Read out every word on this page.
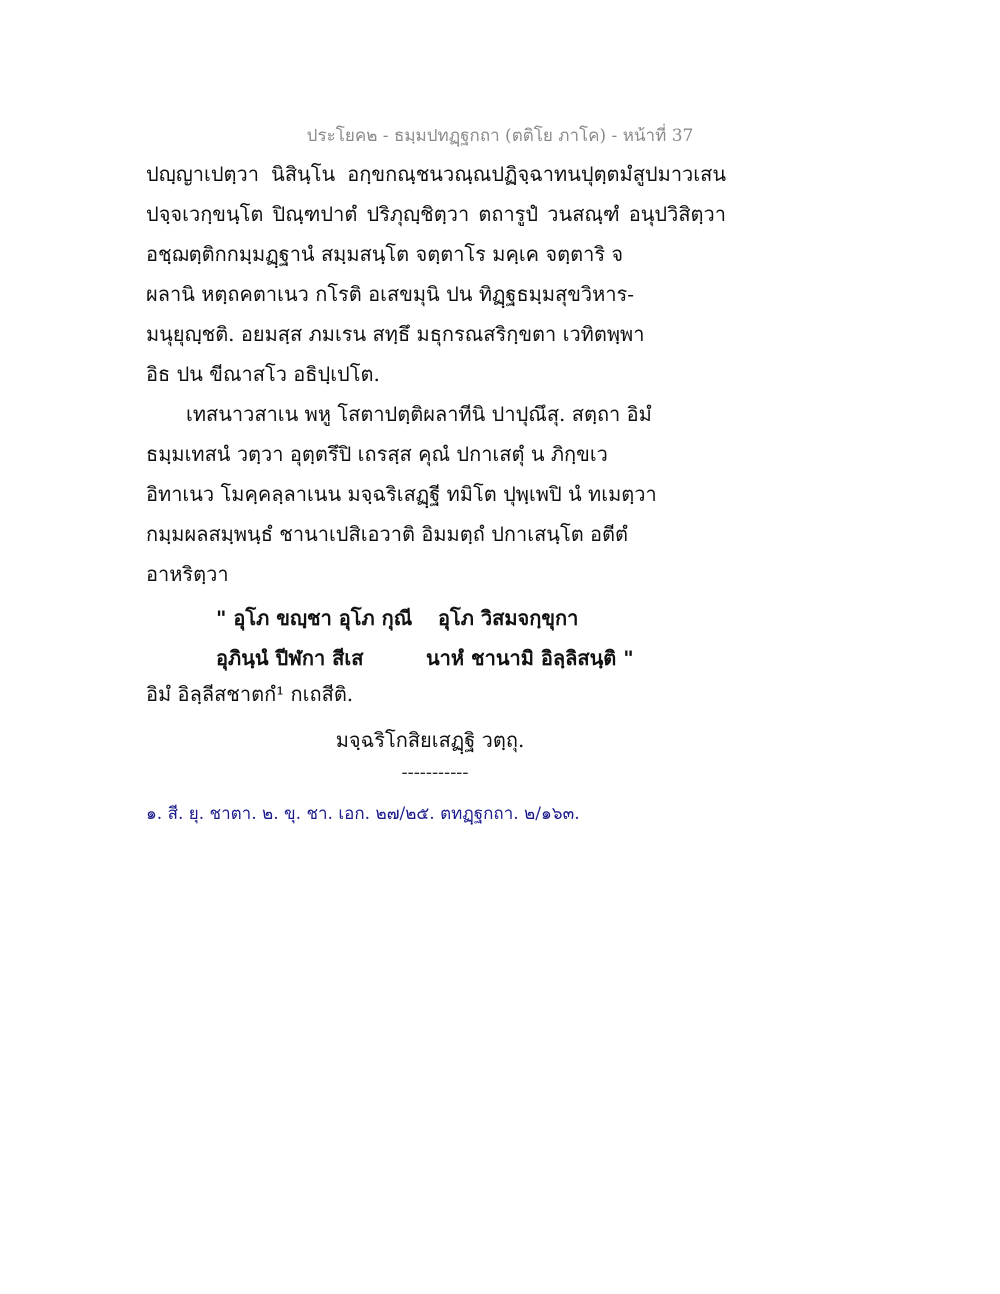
ประโยค๒ - ธมฺมปทฏฺฐกถา (ตติโย ภาโค) - หน้าที่ 37
ปญฺญาเปตฺวา นิสินฺโน อกฺขกณฺชนวณฺณปฏิจฺฉาทนปุตฺตมํสูปมาวเสน
ปจฺจเวกฺขนฺโต ปิณฺฑปาตํ ปริภุญฺชิตฺวา ตถารูปํ วนสณฺฑํ อนุปวิสิตฺวา
อชฺฌตฺติกกมฺมฏฺฐานํ สมฺมสนฺโต จตฺตาโร มคฺเค จตฺตาริ จ
ผลานิ หตฺถคตาเนว กโรติ อเสขมุนิ ปน ทิฏฺฐธมฺมสุขวิหาร-
มนุยุญฺชติ. อยมสฺส ภมเรน สทฺธึ มธุกรณสริกฺขตา เวทิตพฺพา
อิธ ปน ขีณาสโว อธิปฺเปโต.
เทสนาวสาเน พหู โสตาปตฺติผลาทีนิ ปาปุณึสุ. สตฺถา อิมํ
ธมฺมเทสนํ วตฺวา อุตฺตรึปิ เถรสฺส คุณํ ปกาเสตุํ น ภิกฺขเว
อิทาเนว โมคฺคลฺลาเนน มจฺฉริเสฏฺฐี ทมิโต ปุพฺเพปิ นํ ทเมตฺวา
กมฺมผลสมฺพนฺธํ ชานาเปสิเอวาติ อิมมตฺถํ ปกาเสนฺโต อตีตํ
อาหริตฺวา
" อุโภ ขญฺชา อุโภ กุณี อุโภ วิสมจกฺขุกา
อุภินฺนํ ปีฬกา สีเส	นาหํ ชานามิ อิลฺลิสนฺติ "
อิมํ อิลฺลีสชาตกํ¹ กเถสีติ.
มจฺฉริโกสิยเสฏฺฐิ วตฺถุ.
-----------
๑. สี. ยุ. ชาตา. ๒. ขุ. ชา. เอก. ๒๗/๒๕. ตทฏฺฐกถา. ๒/๑๖๓.
